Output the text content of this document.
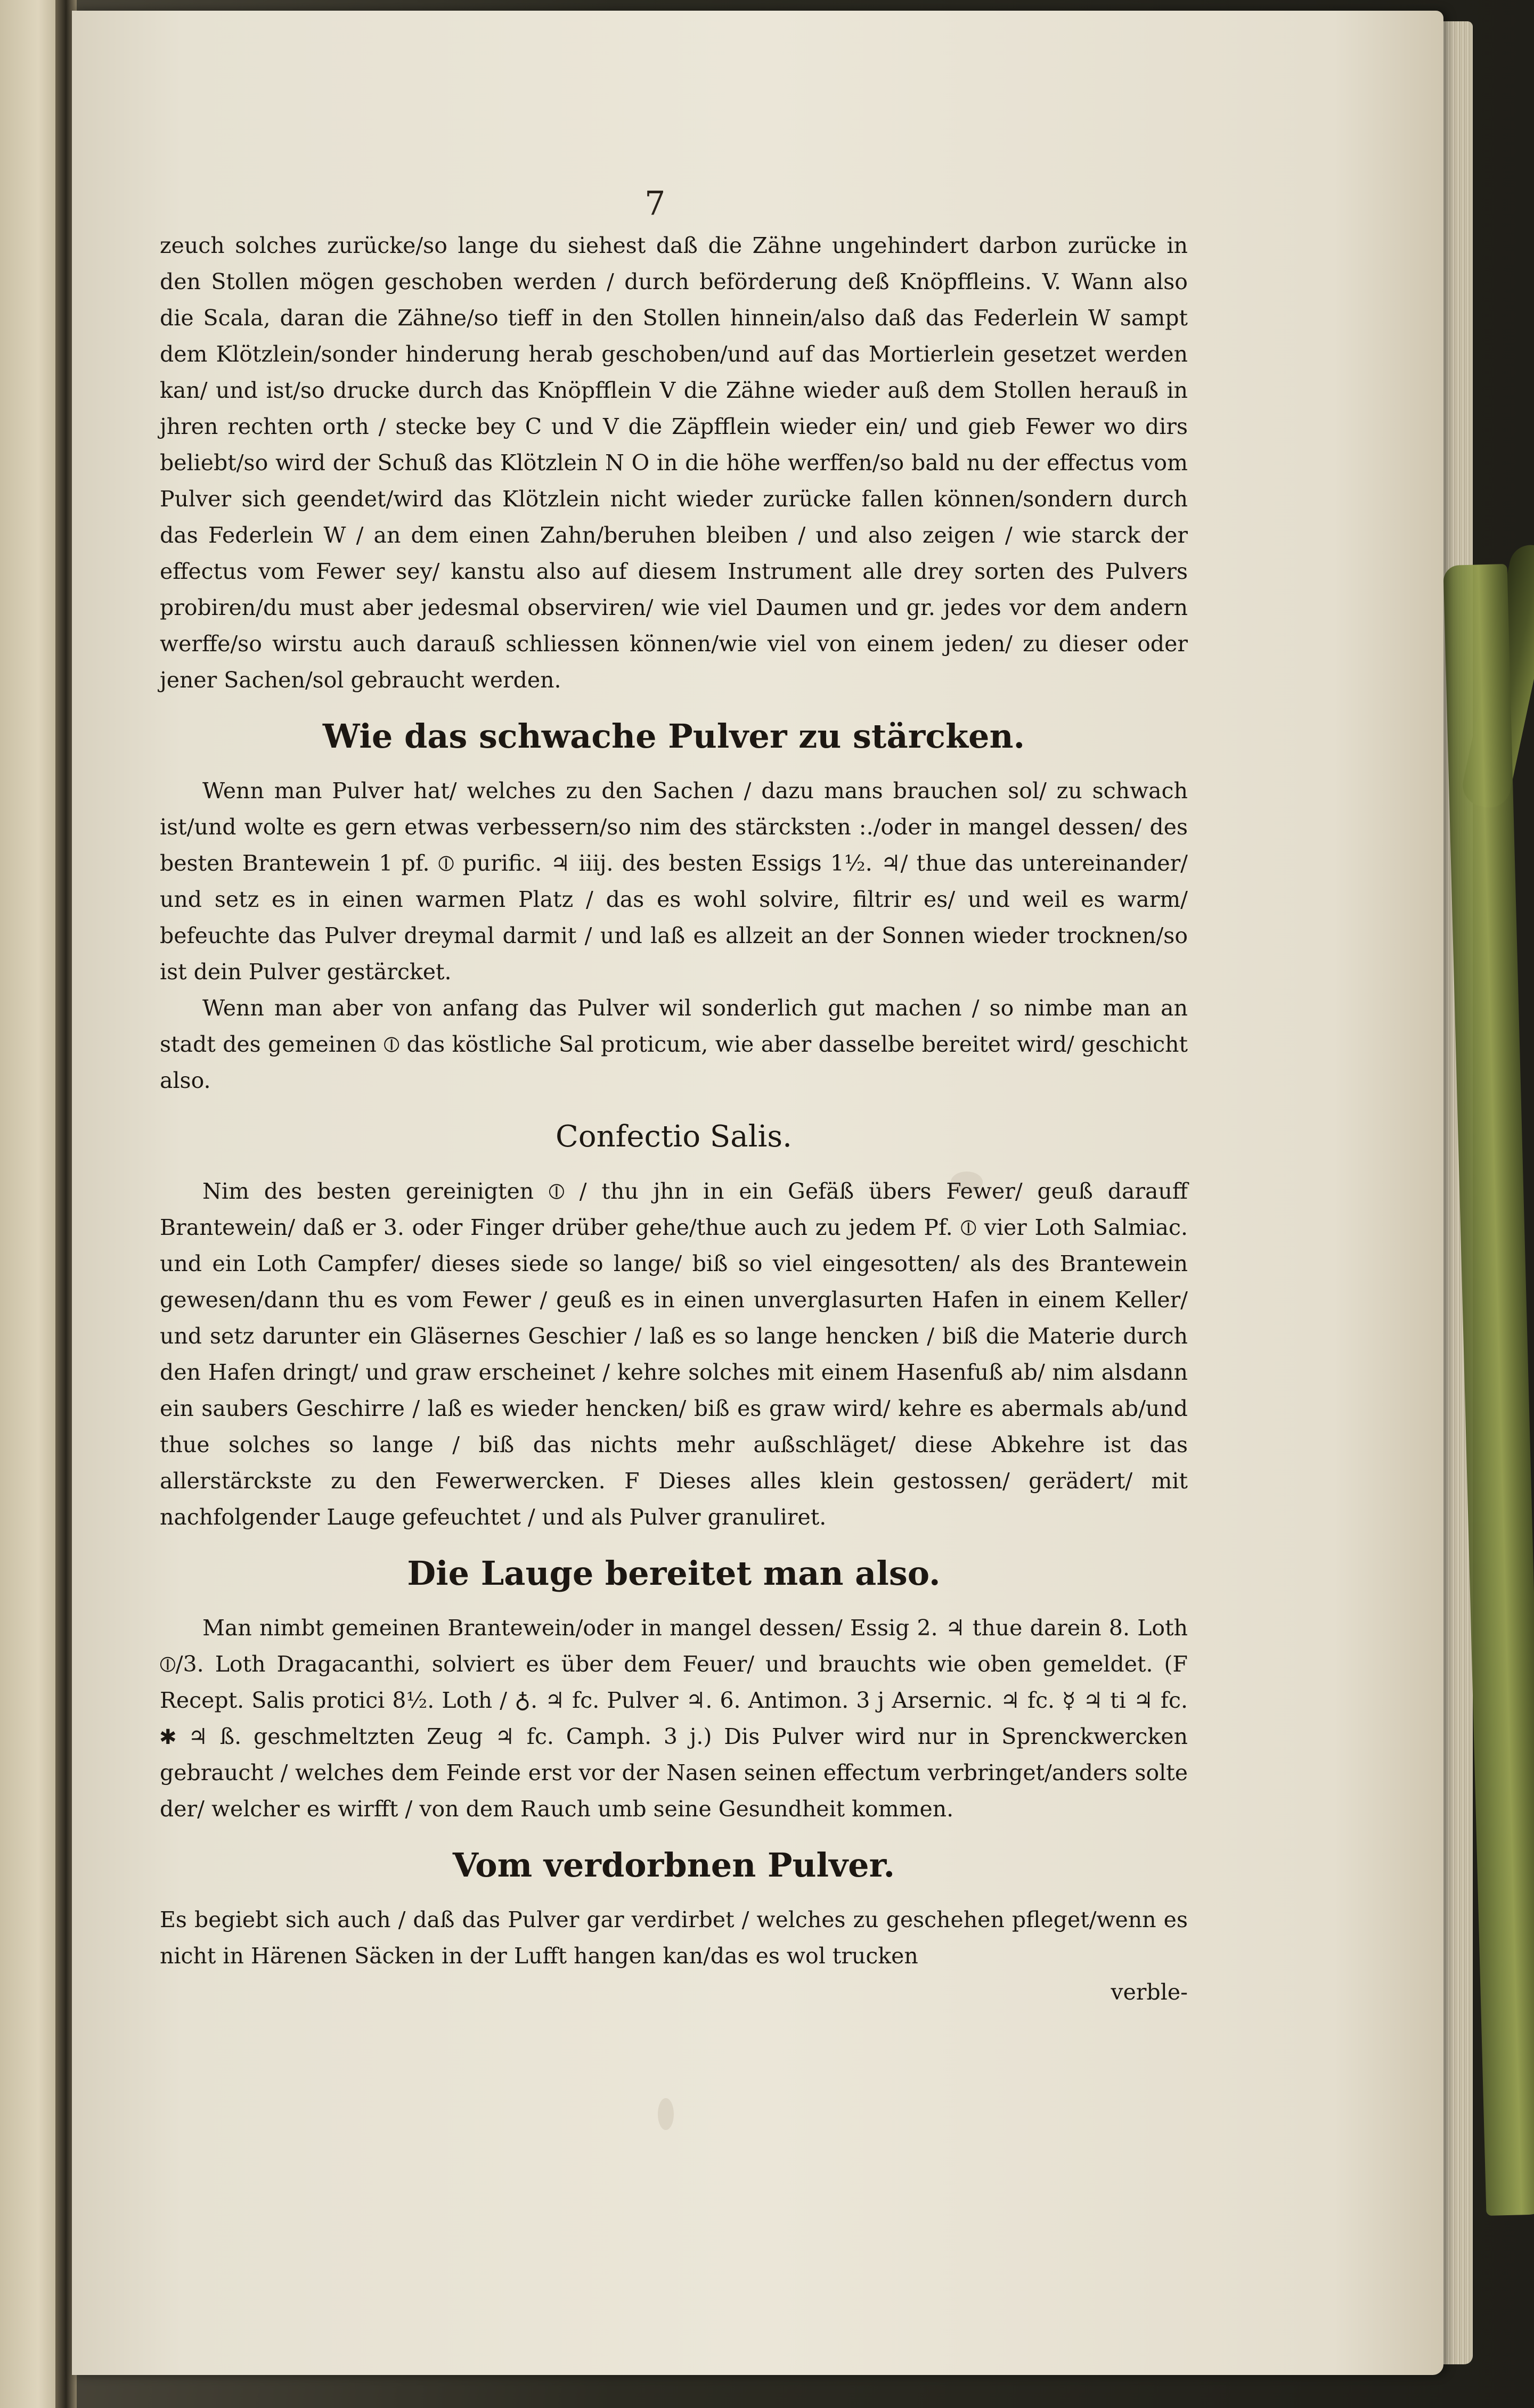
7

zeuch solches zurücke/so lange du siehest daß die Zähne ungehindert darbon zurücke in den Stollen mögen geschoben werden / durch beförderung deß Knöpffleins. V. Wann also die Scala, daran die Zähne/so tieff in den Stollen hinnein/also daß das Federlein W sampt dem Klötzlein/sonder hinderung herab geschoben/und auf das Mortierlein gesetzet werden kan/ und ist/so drucke durch das Knöpfflein V die Zähne wieder auß dem Stollen herauß in jhren rechten orth / stecke bey C und V die Zäpfflein wieder ein/ und gieb Fewer wo dirs beliebt/so wird der Schuß das Klötzlein N O in die höhe werffen/so bald nu der effectus vom Pulver sich geendet/wird das Klötzlein nicht wieder zurücke fallen können/sondern durch das Federlein W / an dem einen Zahn/beruhen bleiben / und also zeigen / wie starck der effectus vom Fewer sey/ kanstu also auf diesem Instrument alle drey sorten des Pulvers probiren/du must aber jedesmal observiren/ wie viel Daumen und gr. jedes vor dem andern werffe/so wirstu auch darauß schliessen können/wie viel von einem jeden/ zu dieser oder jener Sachen/sol gebraucht werden.

Wie das schwache Pulver zu stärcken.

Wenn man Pulver hat/ welches zu den Sachen / dazu mans brauchen sol/ zu schwach ist/und wolte es gern etwas verbessern/so nim des stärcksten :./oder in mangel dessen/ des besten Brantewein 1 pf. ⦶ purific. ♃ iiij. des besten Essigs 1½. ♃/ thue das untereinander/ und setz es in einen warmen Platz / das es wohl solvire, filtrir es/ und weil es warm/ befeuchte das Pulver dreymal darmit / und laß es allzeit an der Sonnen wieder trocknen/so ist dein Pulver gestärcket.

Wenn man aber von anfang das Pulver wil sonderlich gut machen / so nimbe man an stadt des gemeinen ⦶ das köstliche Sal proticum, wie aber dasselbe bereitet wird/ geschicht also.

Confectio Salis.

Nim des besten gereinigten ⦶ / thu jhn in ein Gefäß übers Fewer/ geuß darauff Brantewein/ daß er 3. oder Finger drüber gehe/thue auch zu jedem Pf. ⦶ vier Loth Salmiac. und ein Loth Campfer/ dieses siede so lange/ biß so viel eingesotten/ als des Brantewein gewesen/dann thu es vom Fewer / geuß es in einen unverglasurten Hafen in einem Keller/ und setz darunter ein Gläsernes Geschier / laß es so lange hencken / biß die Materie durch den Hafen dringt/ und graw erscheinet / kehre solches mit einem Hasenfuß ab/ nim alsdann ein saubers Geschirre / laß es wieder hencken/ biß es graw wird/ kehre es abermals ab/und thue solches so lange / biß das nichts mehr außschläget/ diese Abkehre ist das allerstärckste zu den Fewerwercken. F Dieses alles klein gestossen/ gerädert/ mit nachfolgender Lauge gefeuchtet / und als Pulver granuliret.

Die Lauge bereitet man also.

Man nimbt gemeinen Brantewein/oder in mangel dessen/ Essig 2. ♃ thue darein 8. Loth ⦶/3. Loth Dragacanthi, solviert es über dem Feuer/ und brauchts wie oben gemeldet. (F Recept. Salis protici 8½. Loth / ♁. ♃ fc. Pulver ♃. 6. Antimon. 3 j Arsernic. ♃ fc. ☿ ♃ ti ♃ fc. ✱ ♃ ß. geschmeltzten Zeug ♃ fc. Camph. 3 j.) Dis Pulver wird nur in Sprenckwercken gebraucht / welches dem Feinde erst vor der Nasen seinen effectum verbringet/anders solte der/ welcher es wirfft / von dem Rauch umb seine Gesundheit kommen.

Vom verdorbnen Pulver.

Es begiebt sich auch / daß das Pulver gar verdirbet / welches zu geschehen pfleget/wenn es nicht in Härenen Säcken in der Lufft hangen kan/das es wol trucken

verble-
